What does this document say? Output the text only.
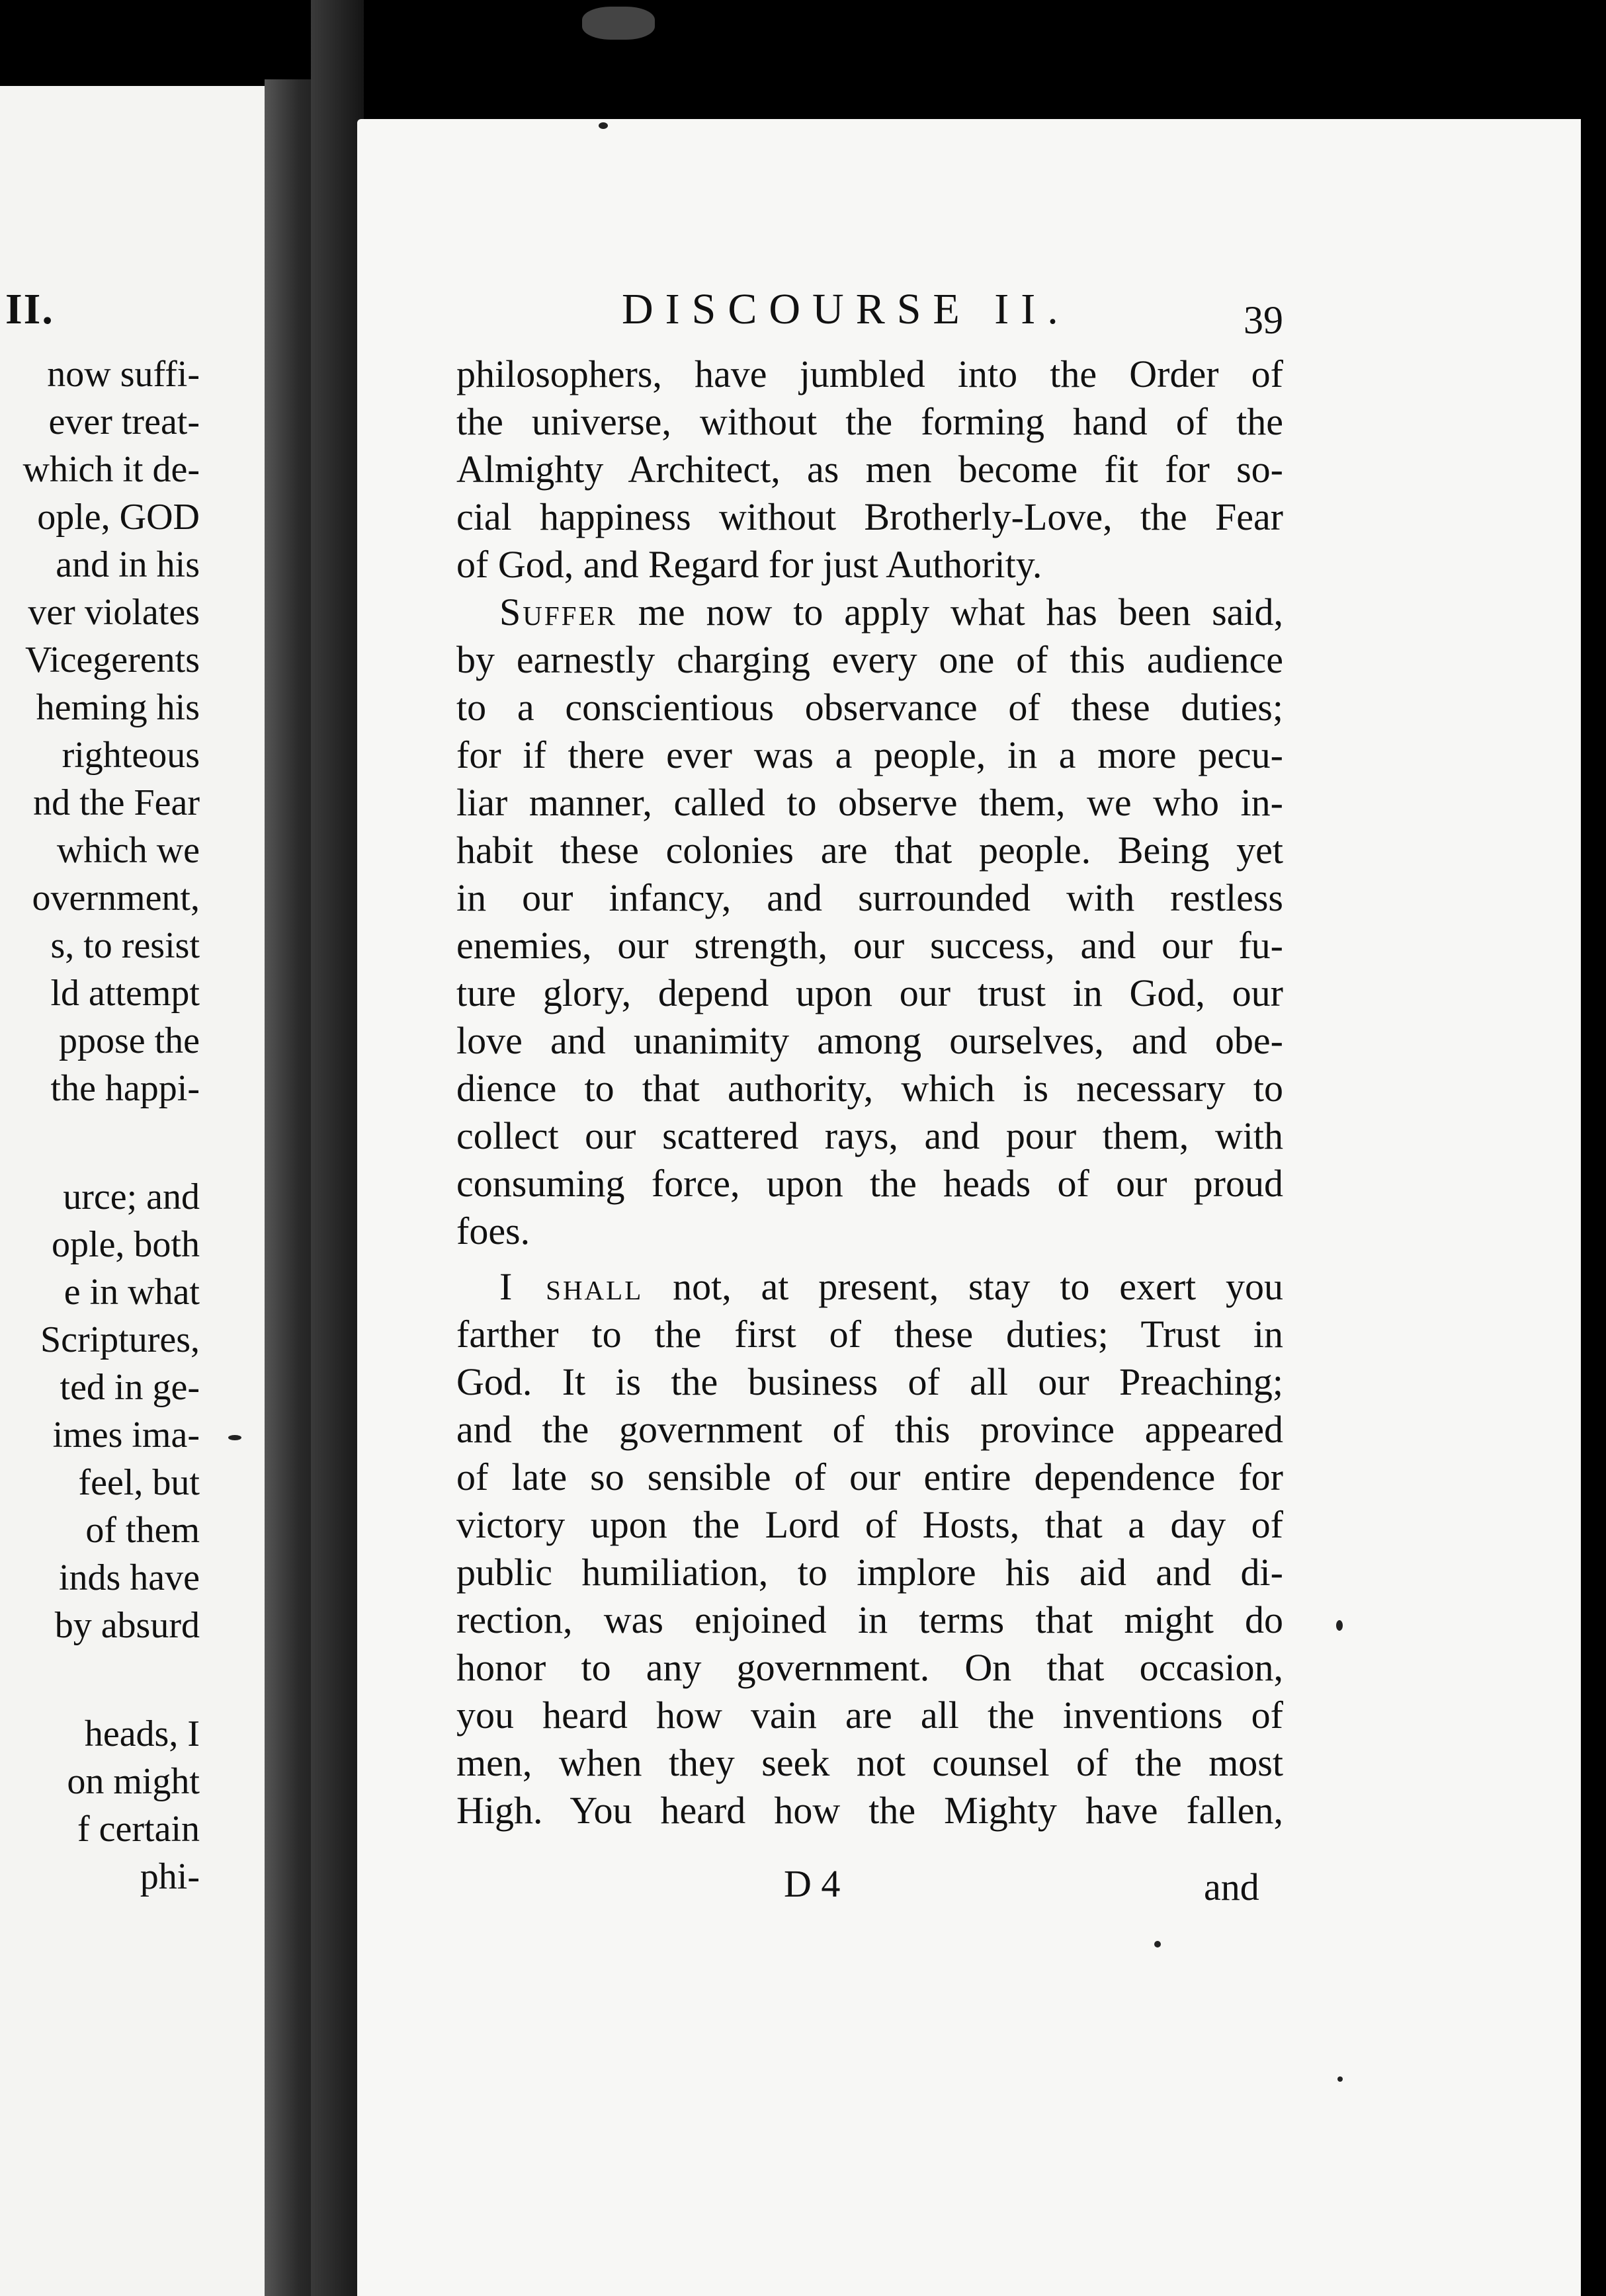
II.
now suffi-
ever treat-
which it de-
ople, GOD
and in his
ver violates
Vicegerents
heming his
righteous
nd the Fear
which we
overnment,
s, to resist
ld attempt
ppose the
the happi-
urce; and
ople, both
e in what
Scriptures,
ted in ge-
imes ima-
feel, but
of them
inds have
by absurd
heads, I
on might
f certain
phi-
DISCOURSE II.	39
philosophers, have jumbled into the Order of
the universe, without the forming hand of the
Almighty Architect, as men become fit for so-
cial happiness without Brotherly-Love, the Fear
of God, and Regard for just Authority.
Suffer me now to apply what has been said,
by earnestly charging every one of this audience
to a conscientious observance of these duties;
for if there ever was a people, in a more pecu-
liar manner, called to observe them, we who in-
habit these colonies are that people. Being yet
in our infancy, and surrounded with restless
enemies, our strength, our success, and our fu-
ture glory, depend upon our trust in God, our
love and unanimity among ourselves, and obe-
dience to that authority, which is necessary to
collect our scattered rays, and pour them, with
consuming force, upon the heads of our proud
foes.
I shall not, at present, stay to exert you
farther to the first of these duties; Trust in
God. It is the business of all our Preaching;
and the government of this province appeared
of late so sensible of our entire dependence for
victory upon the Lord of Hosts, that a day of
public humiliation, to implore his aid and di-
rection, was enjoined in terms that might do
honor to any government. On that occasion,
you heard how vain are all the inventions of
men, when they seek not counsel of the most
High. You heard how the Mighty have fallen,
D 4	and
